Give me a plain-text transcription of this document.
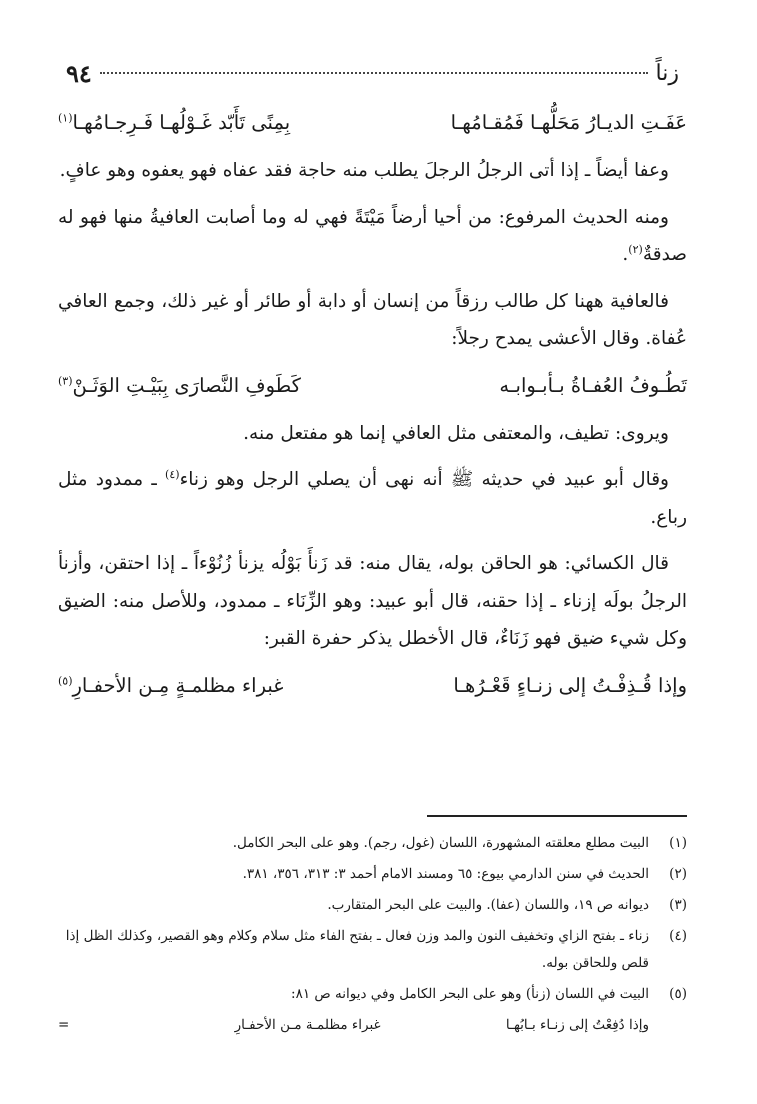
زناً
٩٤
عَفَـتِ الديـارُ مَحَلُّهـا فَمُقـامُهـا
بِمِنًى تَأَبّد غَـوْلُهـا فَـرِجـامُهـا$^{(١)}$

وعفا أيضاً ـ إذا أتى الرجلُ الرجلَ يطلب منه حاجة فقد عفاه فهو يعفوه وهو عافٍ.

ومنه الحديث المرفوع: من أحيا أرضاً مَيْتَةً فهي له وما أصابت العافيةُ منها فهو له صدقةٌ$^{(٢)}$.

فالعافية ههنا كل طالب رزقاً من إنسان أو دابة أو طائر أو غير ذلك، وجمع العافي عُفاة. وقال الأعشى يمدح رجلاً:

تَطُـوفُ العُفـاةُ بـأبـوابـه
كَطَوفِ النَّصارَى بِبَيْـتِ الوَثَـنْ$^{(٣)}$

ويروى: تطيف، والمعتفى مثل العافي إنما هو مفتعل منه.

وقال أبو عبيد في حديثه ﷺ أنه نهى أن يصلي الرجل وهو زناء$^{(٤)}$ ـ ممدود مثل رباع.

قال الكسائي: هو الحاقن بوله، يقال منه: قد زَنأَ بَوْلُه يزنأ زُنُوْءاً ـ إذا احتقن، وأزنأ الرجلُ بولَه إزناء ـ إذا حقنه، قال أبو عبيد: وهو الزِّنَاء ـ ممدود، وللأصل منه: الضيق وكل شيء ضيق فهو زَنَاءٌ، قال الأخطل يذكر حفرة القبر:

وإذا قُـذِفْـتُ إلى زنـاءٍ قَعْـرُهـا
غبراء مظلمـةٍ مِـن الأحفـارِ$^{(٥)}$
(١)
البيت مطلع معلقته المشهورة، اللسان (غول، رجم). وهو على البحر الكامل.
(٢)
الحديث في سنن الدارمي بيوع: ٦٥ ومسند الامام أحمد ٣: ٣١٣، ٣٥٦، ٣٨١.
(٣)
ديوانه ص ١٩، واللسان (عفا). والبيت على البحر المتقارب.
(٤)
زناء ـ بفتح الزاي وتخفيف النون والمد وزن فعال ـ بفتح الفاء مثل سلام وكلام وهو القصير، وكذلك الظل إذا قلص وللحاقن بوله.
(٥)
البيت في اللسان (زنأ) وهو على البحر الكامل وفي ديوانه ص ٨١:
وإذا دُفِعْتُ إلى زنـاء بـابُهـا
غبراء مظلمـة مـن الأحفـارِ
=
